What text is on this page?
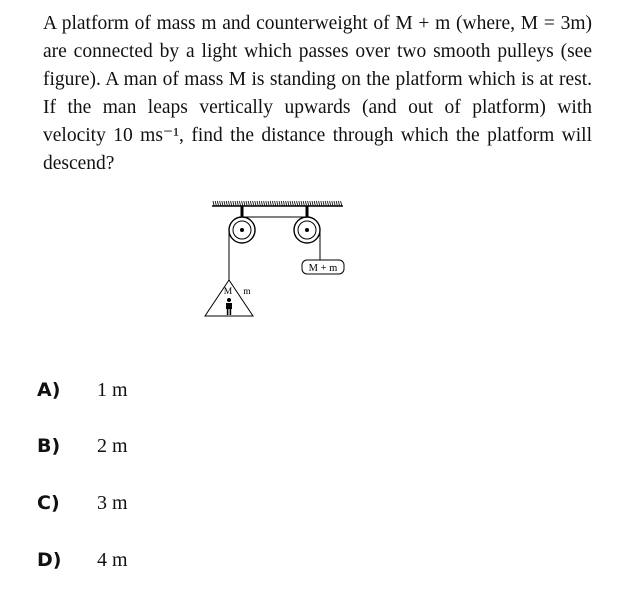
A platform of mass m and counterweight of M + m (where, M = 3m) are connected by a light which passes over two smooth pulleys (see figure). A man of mass M is standing on the platform which is at rest. If the man leaps vertically upwards (and out of platform) with velocity 10 ms⁻¹, find the distance through which the platform will descend?

M + m
M m
A) 1 m
B) 2 m
C) 3 m
D) 4 m
